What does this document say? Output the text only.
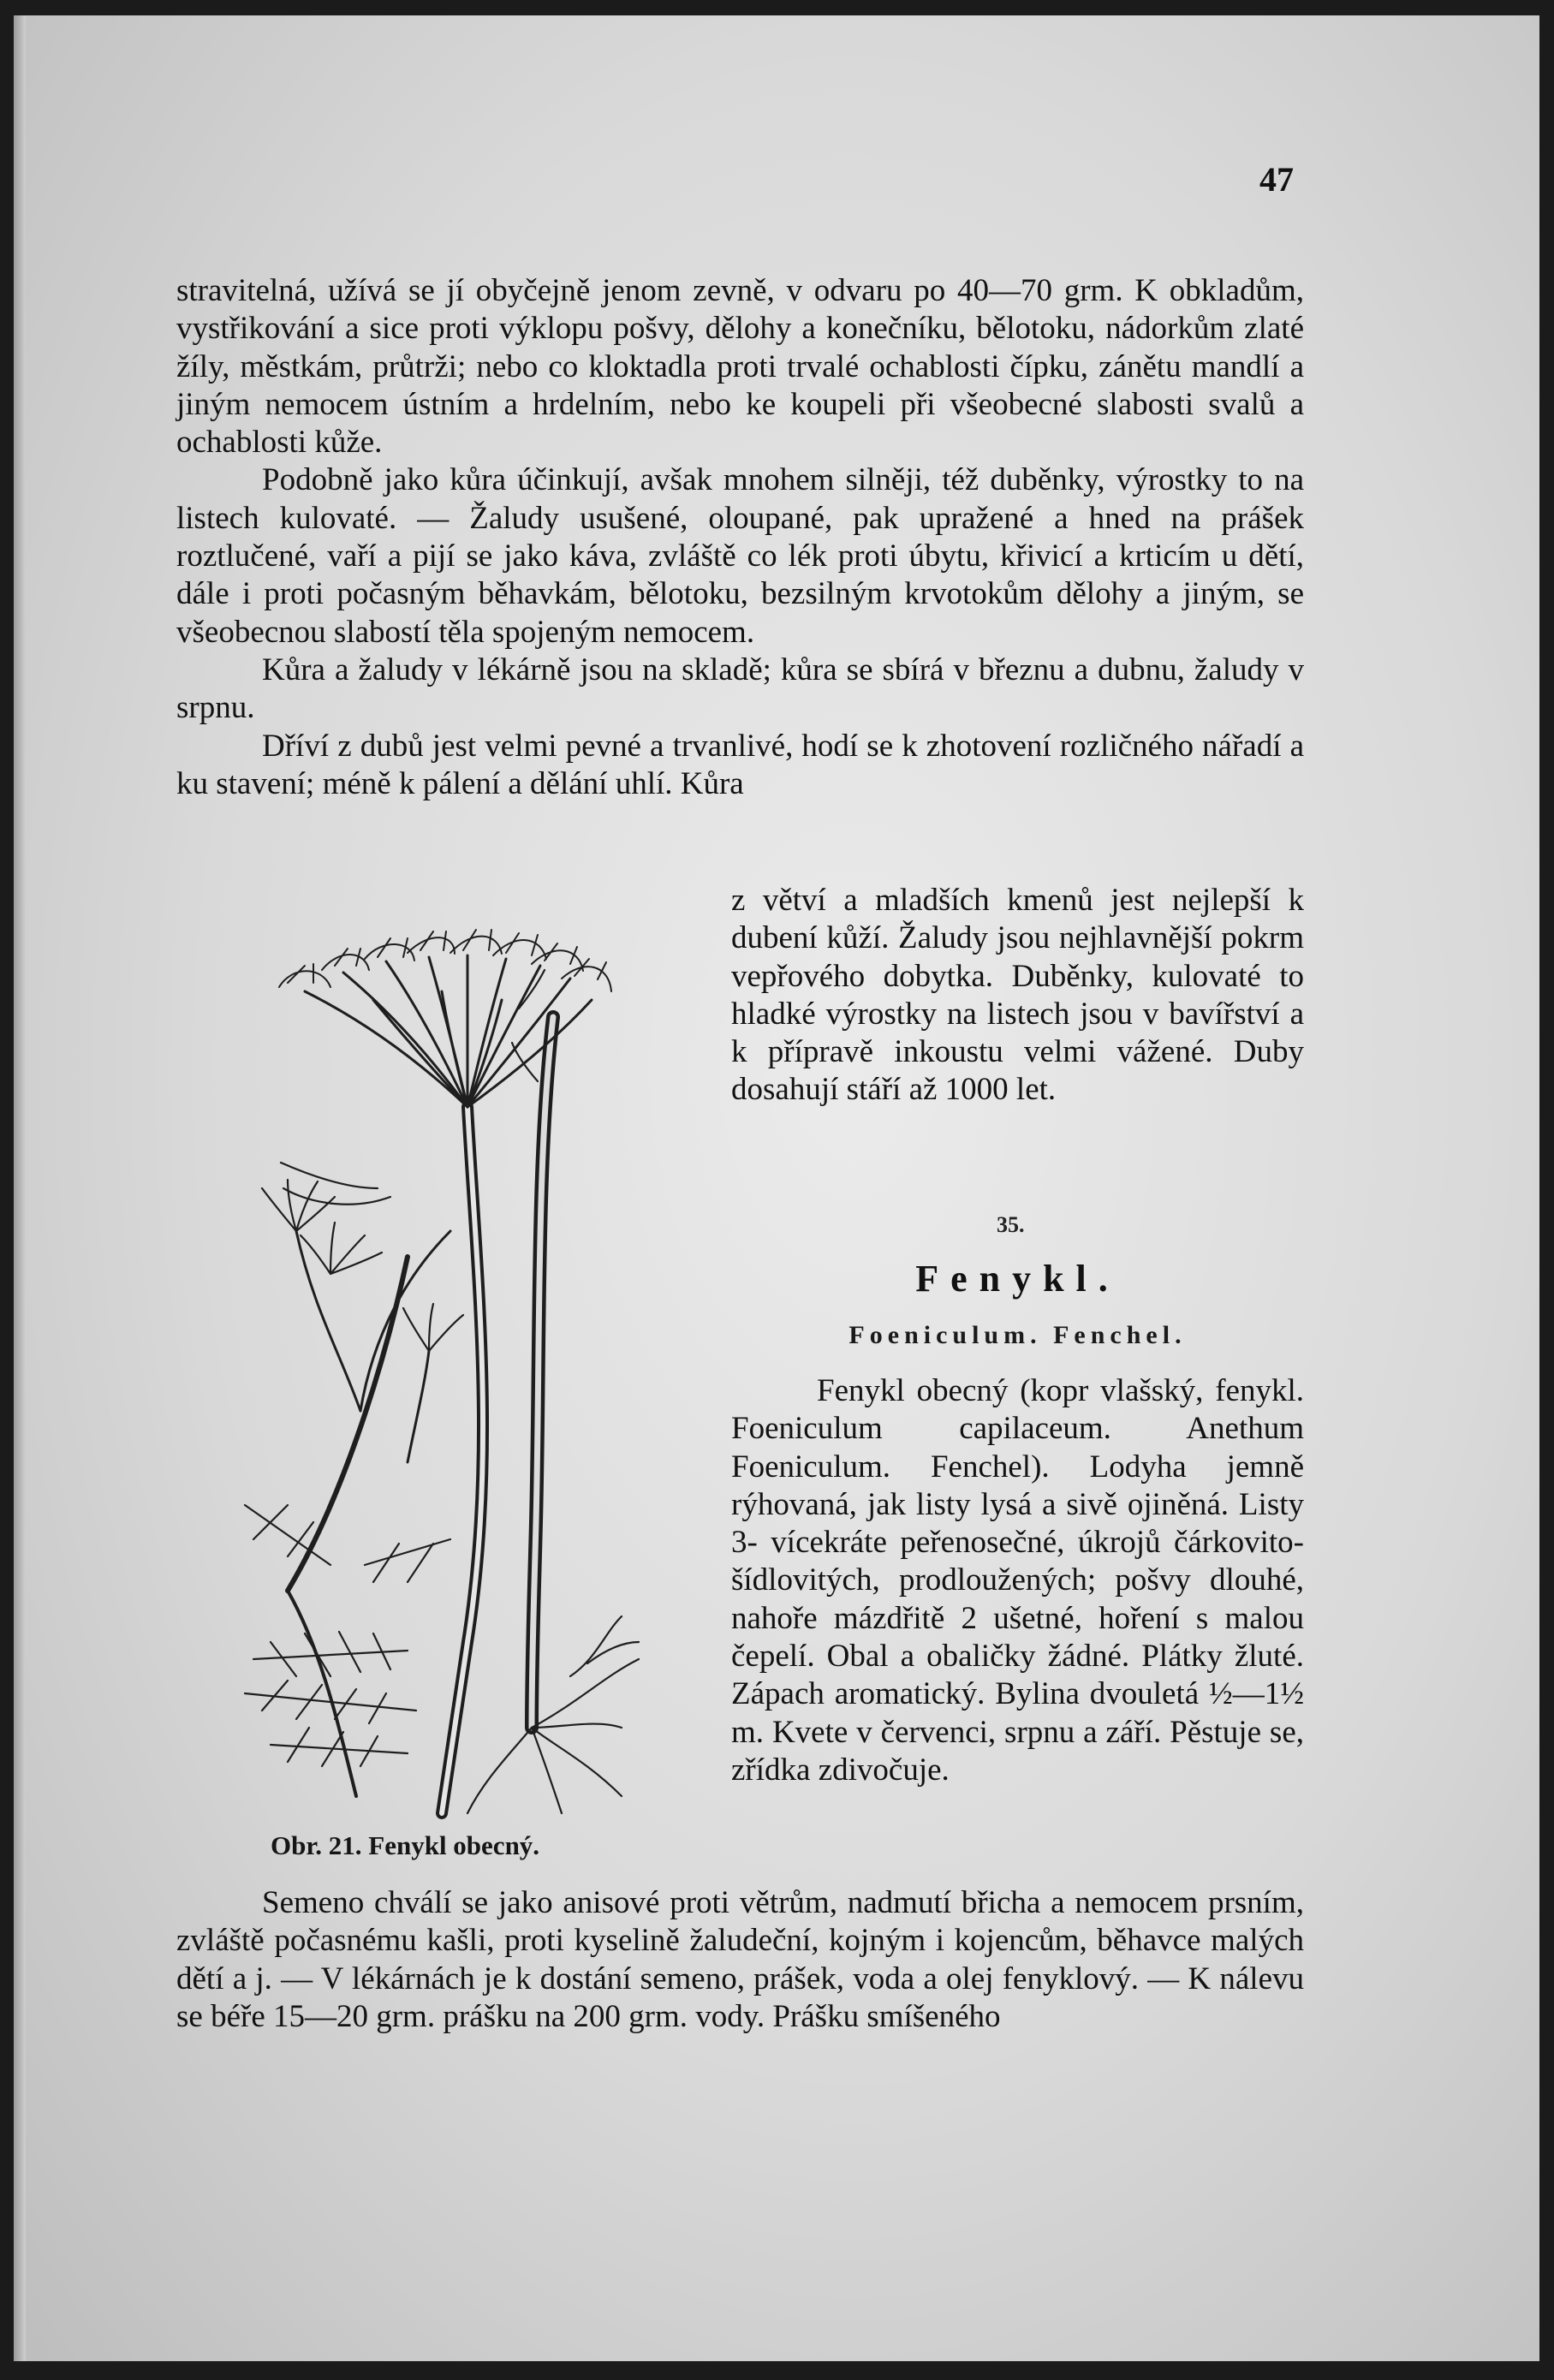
47

stravitelná, užívá se jí obyčejně jenom zevně, v odvaru po 40—70 grm. K obkladům, vystřikování a sice proti výklopu pošvy, dělohy a konečníku, bělotoku, nádorkům zlaté žíly, městkám, průtrži; nebo co kloktadla proti trvalé ochablosti čípku, zánětu mandlí a jiným nemocem ústním a hrdelním, nebo ke koupeli při všeobecné slabosti svalů a ochablosti kůže.

Podobně jako kůra účinkují, avšak mnohem silněji, též duběnky, výrostky to na listech kulovaté. — Žaludy usušené, oloupané, pak upražené a hned na prášek roztlučené, vaří a pijí se jako káva, zvláště co lék proti úbytu, křivicí a krticím u dětí, dále i proti počasným běhavkám, bělotoku, bezsilným krvotokům dělohy a jiným, se všeobecnou slabostí těla spojeným nemocem.

Kůra a žaludy v lékárně jsou na skladě; kůra se sbírá v březnu a dubnu, žaludy v srpnu.

Dříví z dubů jest velmi pevné a trvanlivé, hodí se k zhotovení rozličného nářadí a ku stavení; méně k pálení a dělání uhlí. Kůra

z větví a mladších kmenů jest nejlepší k dubení kůží. Žaludy jsou nejhlavnější pokrm vepřového dobytka. Duběnky, kulovaté to hladké výrostky na listech jsou v bavířství a k přípravě inkoustu velmi vážené. Duby dosahují stáří až 1000 let.
35.
Fenykl.
Foeniculum. Fenchel.
Fenykl obecný (kopr vlašský, fenykl. Foeniculum capilaceum. Anethum Foeniculum. Fenchel). Lodyha jemně rýhovaná, jak listy lysá a sivě ojiněná. Listy 3- vícekráte peřenosečné, úkrojů čárkovito-šídlovitých, prodloužených; pošvy dlouhé, nahoře mázdřitě 2 ušetné, hoření s malou čepelí. Obal a obaličky žádné. Plátky žluté. Zápach aromatický. Bylina dvouletá ½—1½ m. Kvete v červenci, srpnu a září. Pěstuje se, zřídka zdivočuje.
Obr. 21. Fenykl obecný.
Semeno chválí se jako anisové proti větrům, nadmutí břicha a nemocem prsním, zvláště počasnému kašli, proti kyselině žaludeční, kojným i kojencům, běhavce malých dětí a j. — V lékárnách je k dostání semeno, prášek, voda a olej fenyklový. — K nálevu se béře 15—20 grm. prášku na 200 grm. vody. Prášku smíšeného
